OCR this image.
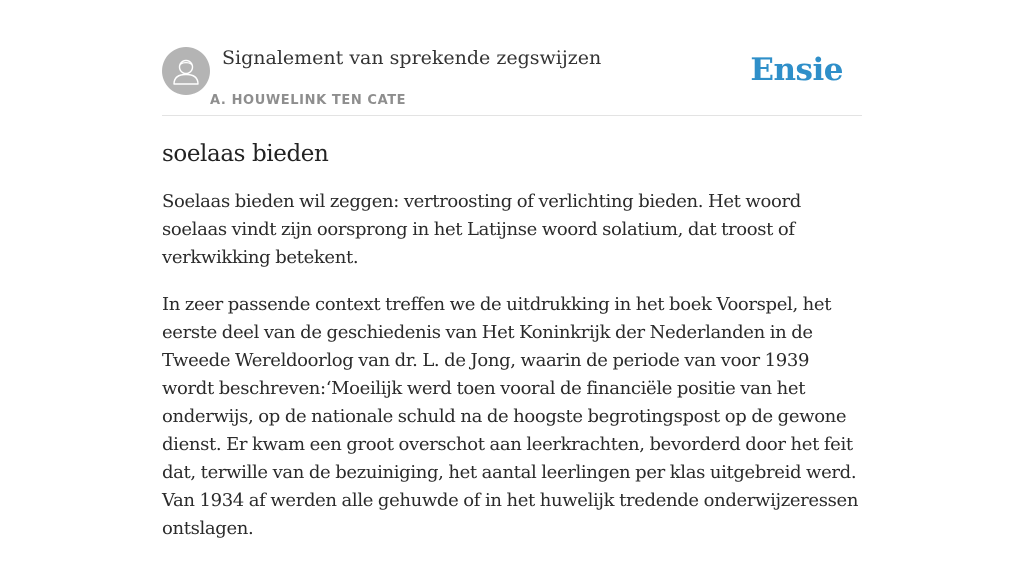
Signalement van sprekende zegswijzen
A. HOUWELINK TEN CATE
Ensie
soelaas bieden

Soelaas bieden wil zeggen: vertroosting of verlichting bieden. Het woord soelaas vindt zijn oorsprong in het Latijnse woord solatium, dat troost of verkwikking betekent.

In zeer passende context treffen we de uitdrukking in het boek Voorspel, het eerste deel van de geschiedenis van Het Koninkrijk der Nederlanden in de Tweede Wereldoorlog van dr. L. de Jong, waarin de periode van voor 1939 wordt beschreven:‘Moeilijk werd toen vooral de financiële positie van het onderwijs, op de nationale schuld na de hoogste begrotingspost op de gewone dienst. Er kwam een groot overschot aan leerkrachten, bevorderd door het feit dat, terwille van de bezuiniging, het aantal leerlingen per klas uitgebreid werd. Van 1934 af werden alle gehuwde of in het huwelijk tredende onderwijzeressen ontslagen.
